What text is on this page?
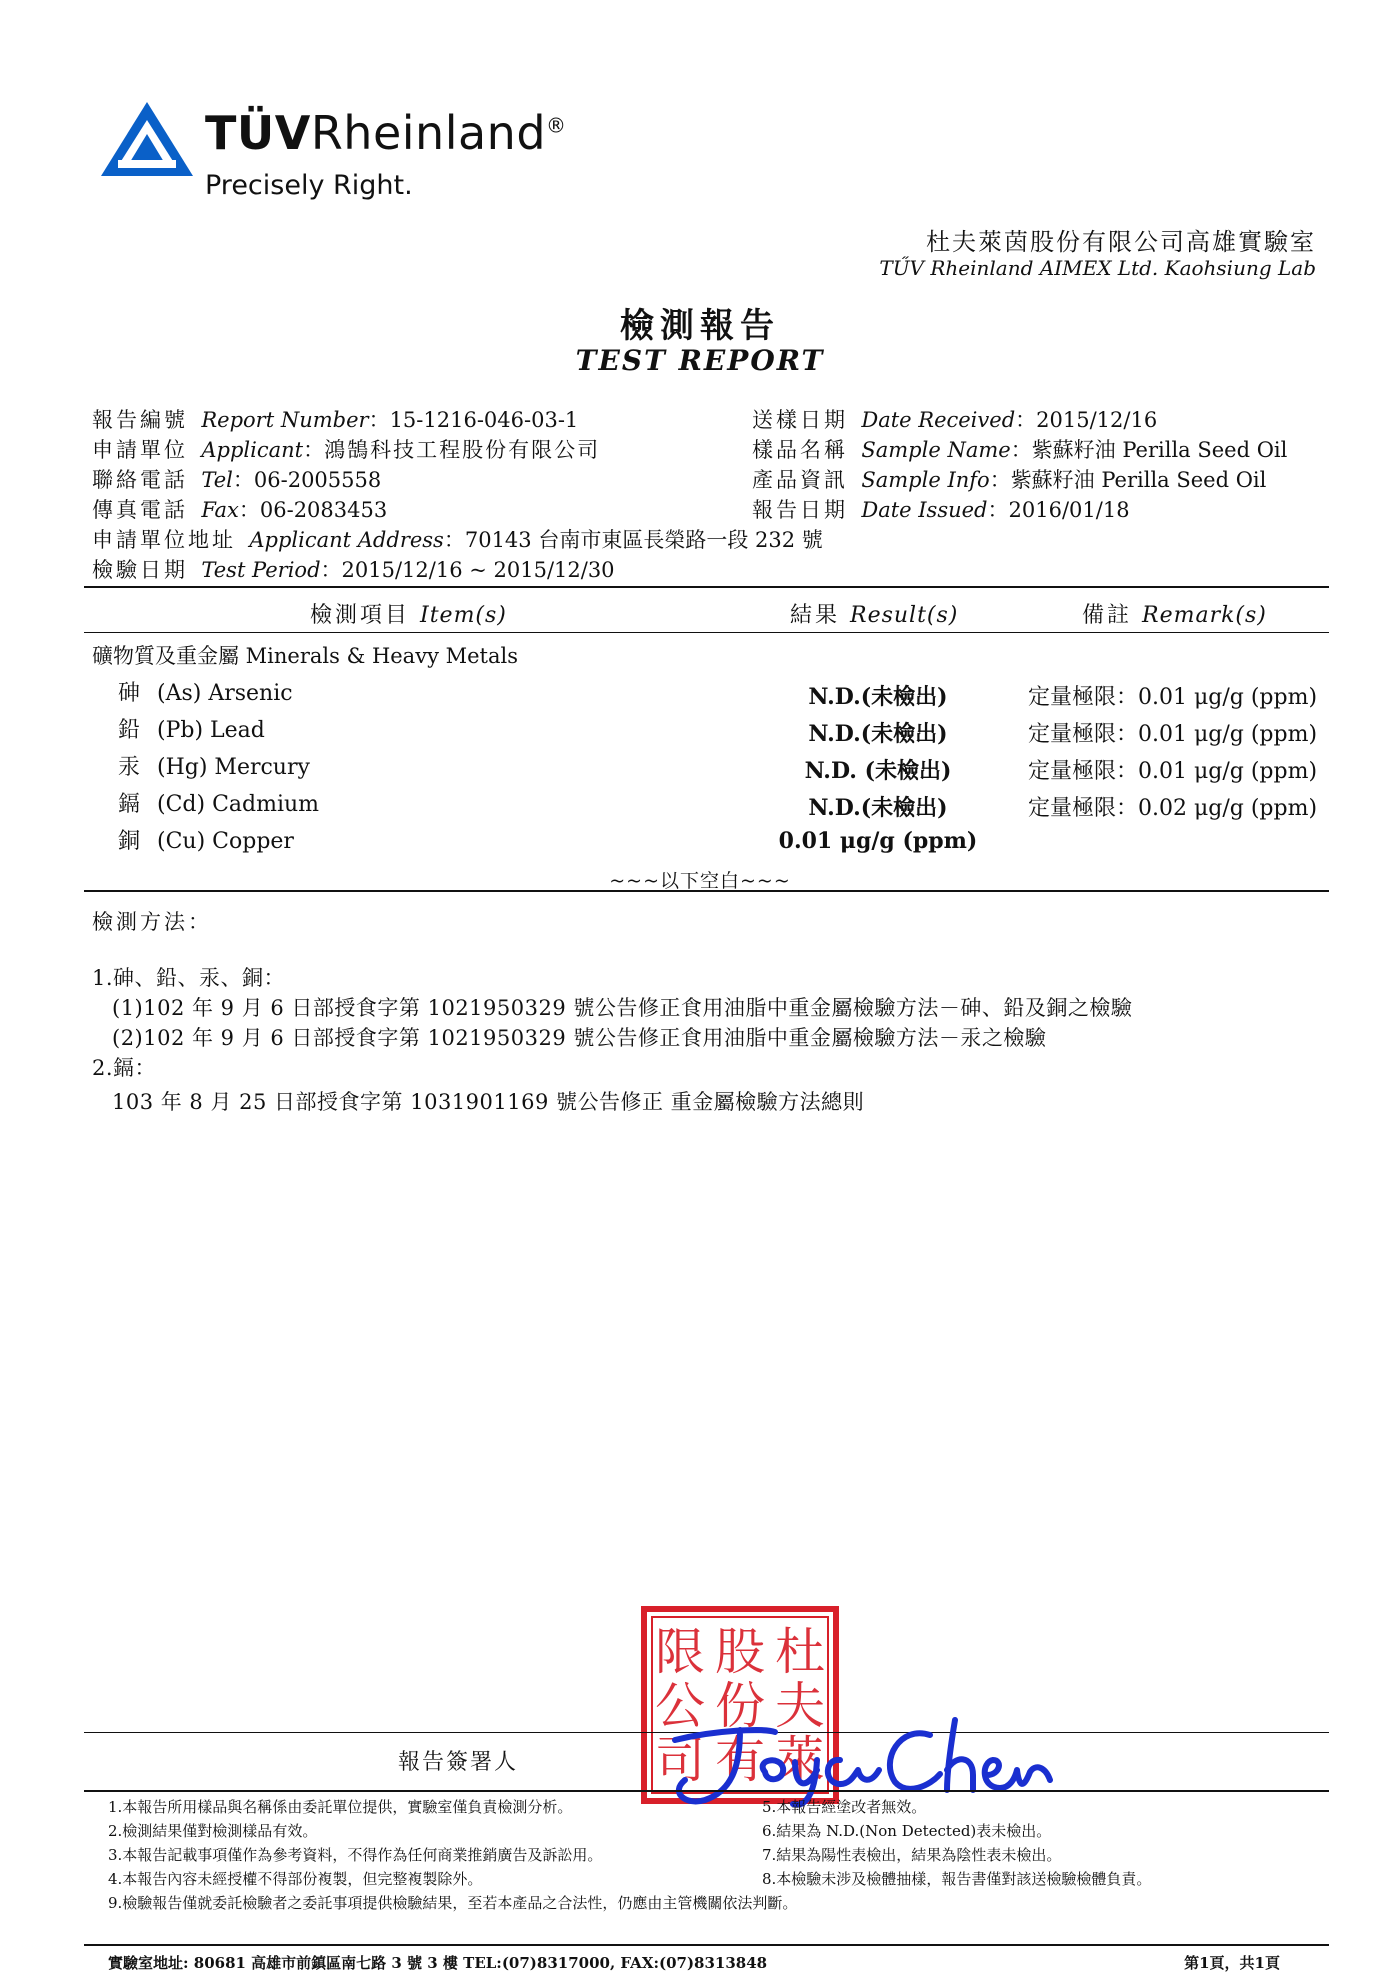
TÜVRheinland®
Precisely Right.
杜夫萊茵股份有限公司高雄實驗室
TŰV Rheinland AIMEX Ltd. Kaohsiung Lab
檢測報告
TEST REPORT
報告編號 Report Number：15-1216-046-03-1
申請單位 Applicant：鴻鵠科技工程股份有限公司
聯絡電話 Tel：06-2005558
傳真電話 Fax：06-2083453
申請單位地址 Applicant Address：70143 台南市東區長榮路一段 232 號
檢驗日期 Test Period：2015/12/16 ~ 2015/12/30
送樣日期 Date Received：2015/12/16
樣品名稱 Sample Name：紫蘇籽油 Perilla Seed Oil
產品資訊 Sample Info：紫蘇籽油 Perilla Seed Oil
報告日期 Date Issued：2016/01/18
檢測項目 Item(s)	結果 Result(s)	備註 Remark(s)
礦物質及重金屬 Minerals & Heavy Metals
砷 (As) Arsenic	N.D.(未檢出)	定量極限：0.01 μg/g (ppm)
鉛 (Pb) Lead	N.D.(未檢出)	定量極限：0.01 μg/g (ppm)
汞 (Hg) Mercury	N.D. (未檢出)	定量極限：0.01 μg/g (ppm)
鎘 (Cd) Cadmium	N.D.(未檢出)	定量極限：0.02 μg/g (ppm)
銅 (Cu) Copper	0.01 μg/g (ppm)
~~~以下空白~~~
檢測方法：
1.砷、鉛、汞、銅：
(1)102 年 9 月 6 日部授食字第 1021950329 號公告修正食用油脂中重金屬檢驗方法－砷、鉛及銅之檢驗
(2)102 年 9 月 6 日部授食字第 1021950329 號公告修正食用油脂中重金屬檢驗方法－汞之檢驗
2.鎘：
103 年 8 月 25 日部授食字第 1031901169 號公告修正 重金屬檢驗方法總則
杜
夫
萊
股
份
有
限
公
司
報告簽署人
1.本報告所用樣品與名稱係由委託單位提供，實驗室僅負責檢測分析。
2.檢測結果僅對檢測樣品有效。
3.本報告記載事項僅作為參考資料，不得作為任何商業推銷廣告及訴訟用。
4.本報告內容未經授權不得部份複製，但完整複製除外。
5.本報告經塗改者無效。
6.結果為 N.D.(Non Detected)表未檢出。
7.結果為陽性表檢出，結果為陰性表未檢出。
8.本檢驗未涉及檢體抽樣，報告書僅對該送檢驗檢體負責。
9.檢驗報告僅就委託檢驗者之委託事項提供檢驗結果，至若本產品之合法性，仍應由主管機關依法判斷。
實驗室地址: 80681 高雄市前鎮區南七路 3 號 3 樓 TEL:(07)8317000, FAX:(07)8313848	第1頁，共1頁
